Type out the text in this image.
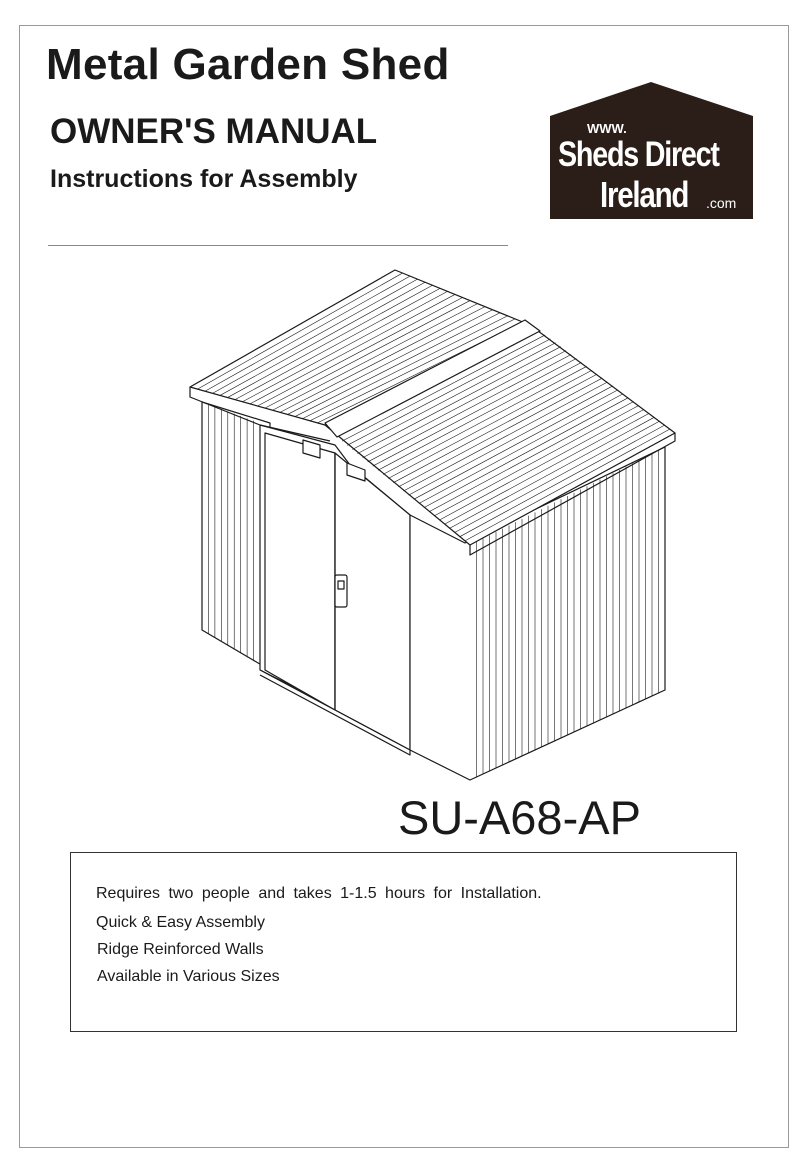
Metal Garden Shed
OWNER'S MANUAL
Instructions for Assembly
WWW.
Sheds Direct
Ireland .com

SU-A68-AP

Requires two people and takes 1-1.5 hours for Installation.

Quick & Easy Assembly

Ridge Reinforced Walls

Available in Various Sizes
